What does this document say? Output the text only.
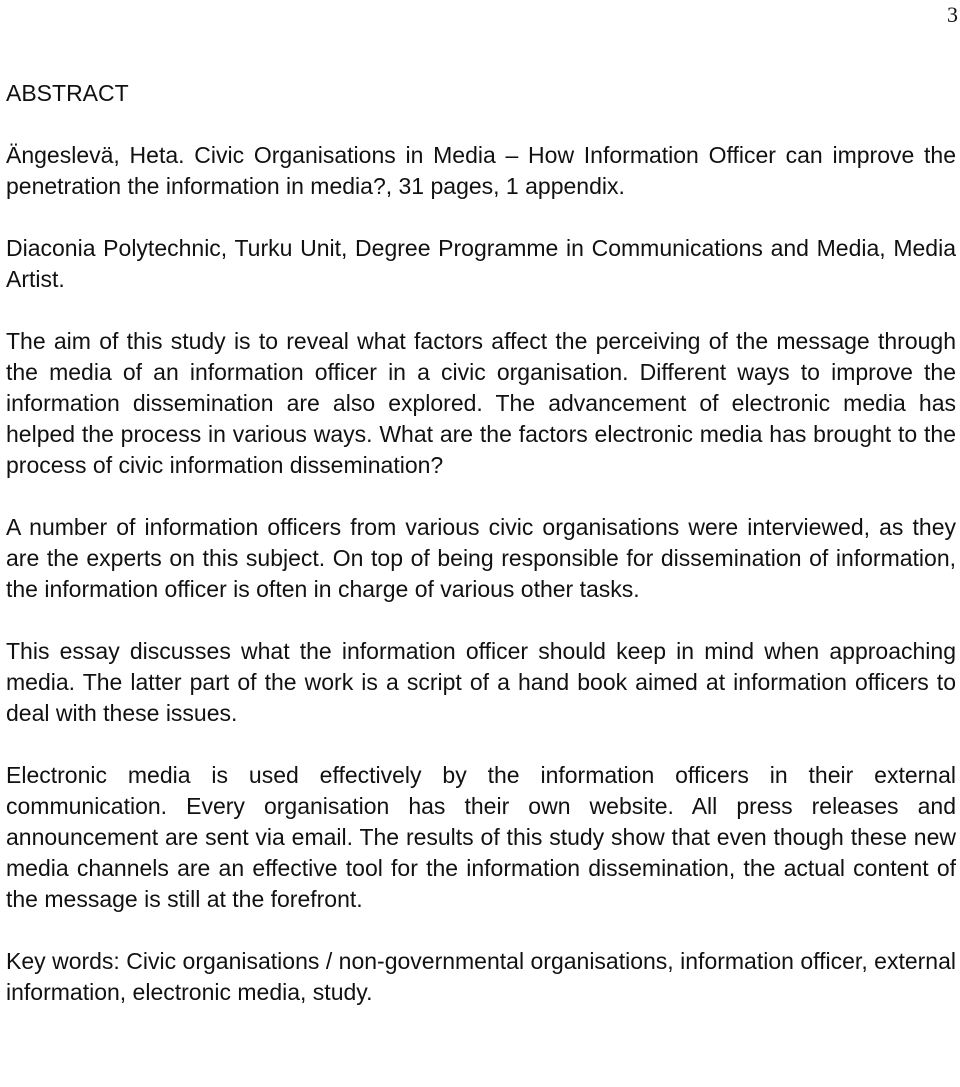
3
ABSTRACT

Ängeslevä, Heta. Civic Organisations in Media – How Information Officer can improve the penetration the information in media?, 31 pages, 1 appendix.

Diaconia Polytechnic, Turku Unit, Degree Programme in Communications and Media, Media Artist.

The aim of this study is to reveal what factors affect the perceiving of the message through the media of an information officer in a civic organisation. Different ways to improve the information dissemination are also explored. The advancement of electronic media has helped the process in various ways. What are the factors electronic media has brought to the process of civic information dissemination?

A number of information officers from various civic organisations were interviewed, as they are the experts on this subject. On top of being responsible for dissemination of information, the information officer is often in charge of various other tasks.

This essay discusses what the information officer should keep in mind when approaching media. The latter part of the work is a script of a hand book aimed at information officers to deal with these issues.

Electronic media is used effectively by the information officers in their external communication. Every organisation has their own website. All press releases and announcement are sent via email. The results of this study show that even though these new media channels are an effective tool for the information dissemination, the actual content of the message is still at the forefront.

Key words: Civic organisations / non-governmental organisations, information officer, external information, electronic media, study.
